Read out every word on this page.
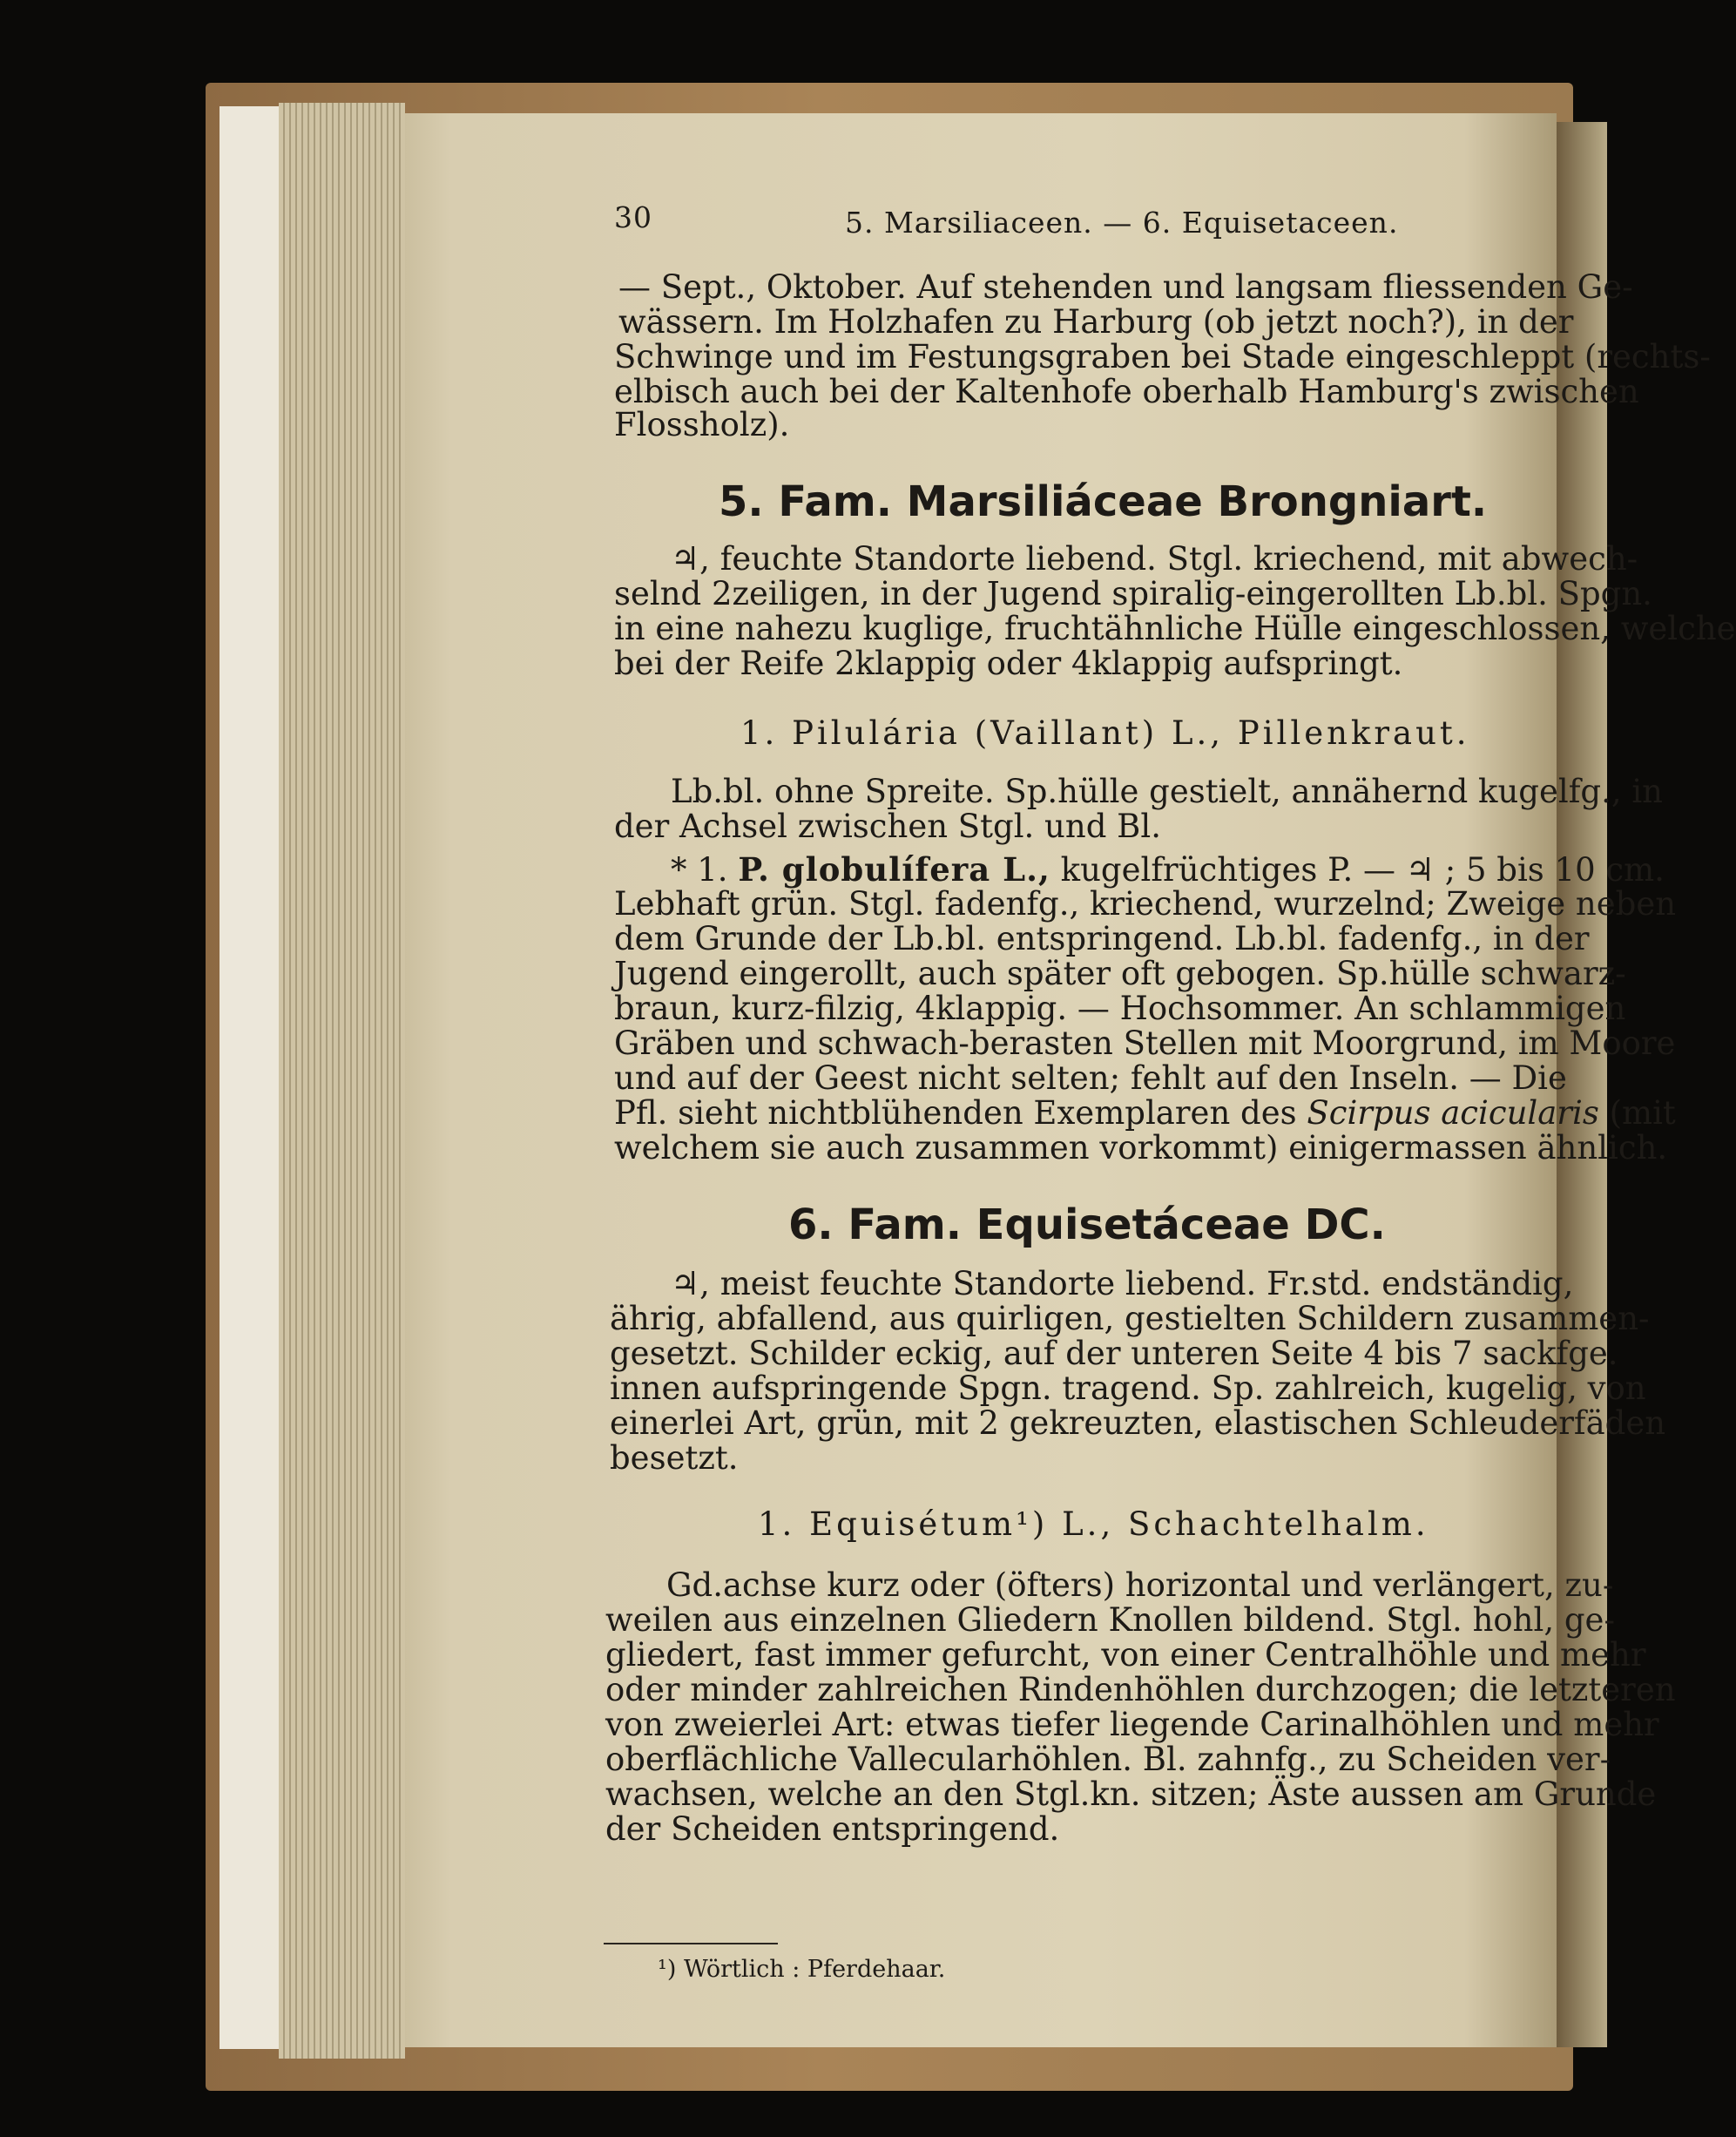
30	5. Marsiliaceen. — 6. Equisetaceen.
— Sept., Oktober. Auf stehenden und langsam fliessenden Ge-
wässern. Im Holzhafen zu Harburg (ob jetzt noch?), in der
Schwinge und im Festungsgraben bei Stade eingeschleppt (rechts-
elbisch auch bei der Kaltenhofe oberhalb Hamburg's zwischen
Flossholz).
5. Fam. Marsiliáceae Brongniart.
♃, feuchte Standorte liebend. Stgl. kriechend, mit abwech-
selnd 2zeiligen, in der Jugend spiralig-eingerollten Lb.bl. Spgn.
in eine nahezu kuglige, fruchtähnliche Hülle eingeschlossen, welche
bei der Reife 2klappig oder 4klappig aufspringt.
1. Pilulária (Vaillant) L., Pillenkraut.
Lb.bl. ohne Spreite. Sp.hülle gestielt, annähernd kugelfg., in
der Achsel zwischen Stgl. und Bl.
* 1. P. globulífera L., kugelfrüchtiges P. — ♃ ; 5 bis 10 cm.
Lebhaft grün. Stgl. fadenfg., kriechend, wurzelnd; Zweige neben
dem Grunde der Lb.bl. entspringend. Lb.bl. fadenfg., in der
Jugend eingerollt, auch später oft gebogen. Sp.hülle schwarz-
braun, kurz-filzig, 4klappig. — Hochsommer. An schlammigen
Gräben und schwach-berasten Stellen mit Moorgrund, im Moore
und auf der Geest nicht selten; fehlt auf den Inseln. — Die
Pfl. sieht nichtblühenden Exemplaren des Scirpus acicularis (mit
welchem sie auch zusammen vorkommt) einigermassen ähnlich.
6. Fam. Equisetáceae DC.
♃, meist feuchte Standorte liebend. Fr.std. endständig,
ährig, abfallend, aus quirligen, gestielten Schildern zusammen-
gesetzt. Schilder eckig, auf der unteren Seite 4 bis 7 sackfge.
innen aufspringende Spgn. tragend. Sp. zahlreich, kugelig, von
einerlei Art, grün, mit 2 gekreuzten, elastischen Schleuderfäden
besetzt.
1. Equisétum¹) L., Schachtelhalm.
Gd.achse kurz oder (öfters) horizontal und verlängert, zu-
weilen aus einzelnen Gliedern Knollen bildend. Stgl. hohl, ge-
gliedert, fast immer gefurcht, von einer Centralhöhle und mehr
oder minder zahlreichen Rindenhöhlen durchzogen; die letzteren
von zweierlei Art: etwas tiefer liegende Carinalhöhlen und mehr
oberflächliche Vallecularhöhlen. Bl. zahnfg., zu Scheiden ver-
wachsen, welche an den Stgl.kn. sitzen; Äste aussen am Grunde
der Scheiden entspringend.
¹) Wörtlich : Pferdehaar.
